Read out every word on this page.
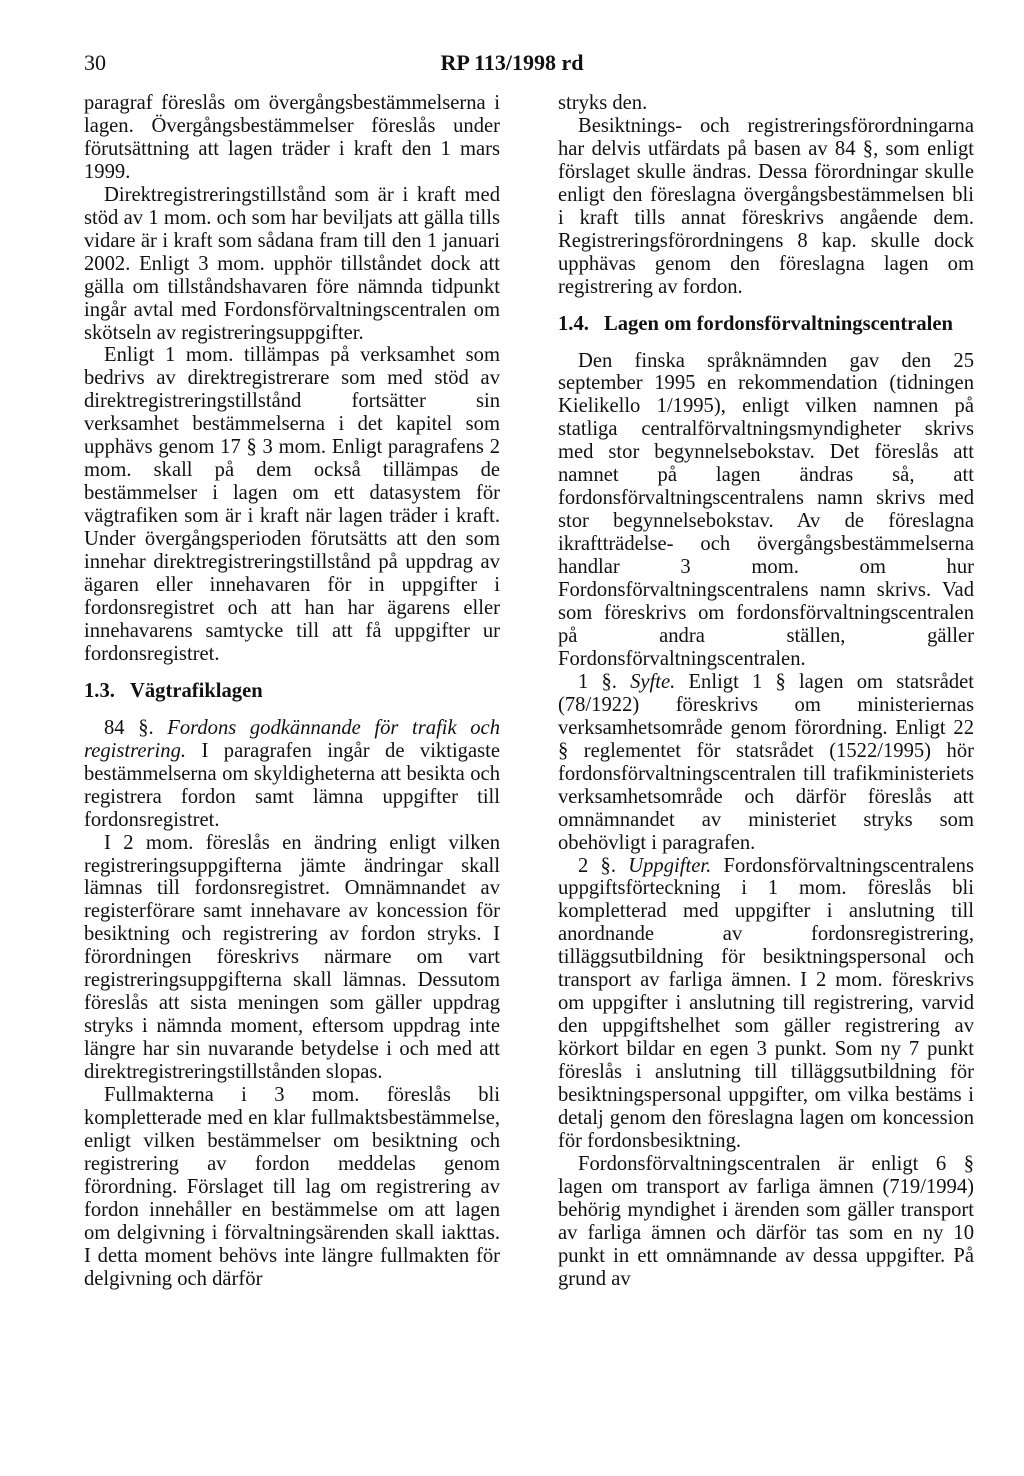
30	RP 113/1998 rd

paragraf föreslås om övergångsbestämmelserna i lagen. Övergångsbestämmelser föreslås under förutsättning att lagen träder i kraft den 1 mars 1999.

Direktregistreringstillstånd som är i kraft med stöd av 1 mom. och som har beviljats att gälla tills vidare är i kraft som sådana fram till den 1 januari 2002. Enligt 3 mom. upphör tillståndet dock att gälla om tillståndshavaren före nämnda tidpunkt ingår avtal med Fordonsförvaltningscentralen om skötseln av registreringsuppgifter.

Enligt 1 mom. tillämpas på verksamhet som bedrivs av direktregistrerare som med stöd av direktregistreringstillstånd fortsätter sin verksamhet bestämmelserna i det kapitel som upphävs genom 17 § 3 mom. Enligt paragrafens 2 mom. skall på dem också tillämpas de bestämmelser i lagen om ett datasystem för vägtrafiken som är i kraft när lagen träder i kraft. Under övergångsperioden förutsätts att den som innehar direktregistreringstillstånd på uppdrag av ägaren eller innehavaren för in uppgifter i fordonsregistret och att han har ägarens eller innehavarens samtycke till att få uppgifter ur fordonsregistret.

1.3. Vägtrafiklagen

84 §. Fordons godkännande för trafik och registrering. I paragrafen ingår de viktigaste bestämmelserna om skyldigheterna att besikta och registrera fordon samt lämna uppgifter till fordonsregistret.

I 2 mom. föreslås en ändring enligt vilken registreringsuppgifterna jämte ändringar skall lämnas till fordonsregistret. Omnämnandet av registerförare samt innehavare av koncession för besiktning och registrering av fordon stryks. I förordningen föreskrivs närmare om vart registreringsuppgifterna skall lämnas. Dessutom föreslås att sista meningen som gäller uppdrag stryks i nämnda moment, eftersom uppdrag inte längre har sin nuvarande betydelse i och med att direktregistreringstillstånden slopas.

Fullmakterna i 3 mom. föreslås bli kompletterade med en klar fullmaktsbestämmelse, enligt vilken bestämmelser om besiktning och registrering av fordon meddelas genom förordning. Förslaget till lag om registrering av fordon innehåller en bestämmelse om att lagen om delgivning i förvaltningsärenden skall iakttas. I detta moment behövs inte längre fullmakten för delgivning och därför

stryks den.

Besiktnings- och registreringsförordningarna har delvis utfärdats på basen av 84 §, som enligt förslaget skulle ändras. Dessa förordningar skulle enligt den föreslagna övergångsbestämmelsen bli i kraft tills annat föreskrivs angående dem. Registreringsförordningens 8 kap. skulle dock upphävas genom den föreslagna lagen om registrering av fordon.

1.4. Lagen om fordonsförvaltningscentralen

Den finska språknämnden gav den 25 september 1995 en rekommendation (tidningen Kielikello 1/1995), enligt vilken namnen på statliga centralförvaltningsmyndigheter skrivs med stor begynnelsebokstav. Det föreslås att namnet på lagen ändras så, att fordonsförvaltningscentralens namn skrivs med stor begynnelsebokstav. Av de föreslagna ikraftträdelse- och övergångsbestämmelserna handlar 3 mom. om hur Fordonsförvaltningscentralens namn skrivs. Vad som föreskrivs om fordonsförvaltningscentralen på andra ställen, gäller Fordonsförvaltningscentralen.

1 §. Syfte. Enligt 1 § lagen om statsrådet (78/1922) föreskrivs om ministeriernas verksamhetsområde genom förordning. Enligt 22 § reglementet för statsrådet (1522/1995) hör fordonsförvaltningscentralen till trafikministeriets verksamhetsområde och därför föreslås att omnämnandet av ministeriet stryks som obehövligt i paragrafen.

2 §. Uppgifter. Fordonsförvaltningscentralens uppgiftsförteckning i 1 mom. föreslås bli kompletterad med uppgifter i anslutning till anordnande av fordonsregistrering, tilläggsutbildning för besiktningspersonal och transport av farliga ämnen. I 2 mom. föreskrivs om uppgifter i anslutning till registrering, varvid den uppgiftshelhet som gäller registrering av körkort bildar en egen 3 punkt. Som ny 7 punkt föreslås i anslutning till tilläggsutbildning för besiktningspersonal uppgifter, om vilka bestäms i detalj genom den föreslagna lagen om koncession för fordonsbesiktning.

Fordonsförvaltningscentralen är enligt 6 § lagen om transport av farliga ämnen (719/1994) behörig myndighet i ärenden som gäller transport av farliga ämnen och därför tas som en ny 10 punkt in ett omnämnande av dessa uppgifter. På grund av
